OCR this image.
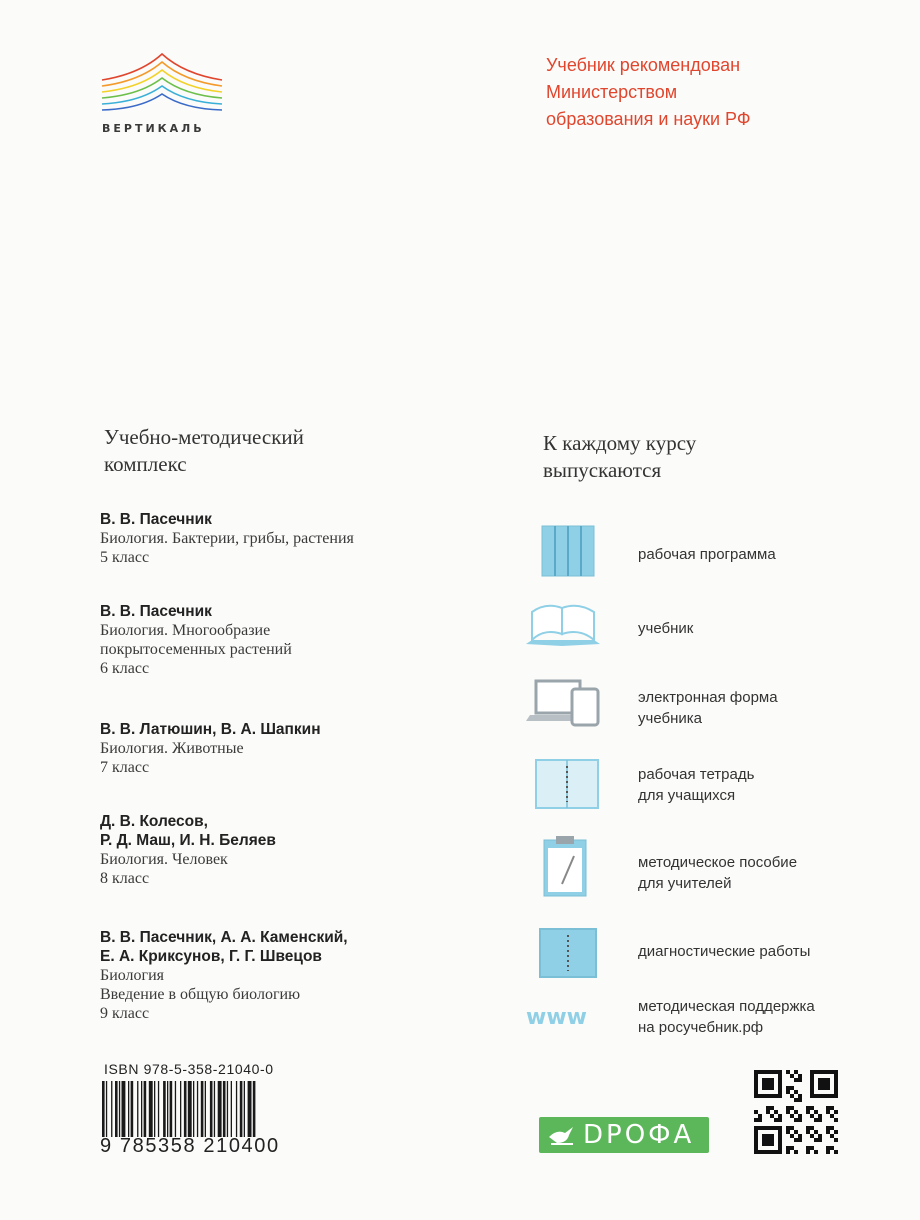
ВЕРТИКАЛЬ
Учебник рекомендован
Министерством
образования и науки РФ
Учебно-методический
комплекс
В. В. Пасечник
Биология. Бактерии, грибы, растения
5 класс
В. В. Пасечник
Биология. Многообразие
покрытосеменных растений
6 класс
В. В. Латюшин, В. А. Шапкин
Биология. Животные
7 класс
Д. В. Колесов,
Р. Д. Маш, И. Н. Беляев
Биология. Человек
8 класс
В. В. Пасечник, А. А. Каменский,
Е. А. Криксунов, Г. Г. Швецов
Биология
Введение в общую биологию
9 класс
К каждому курсу
выпускаются
рабочая программа
учебник
электронная форма
учебника
рабочая тетрадь
для учащихся
методическое пособие
для учителей
диагностические работы
www	методическая поддержка
на росучебник.рф
ISBN 978-5-358-21040-0
9 785358 210400	DPOФA
